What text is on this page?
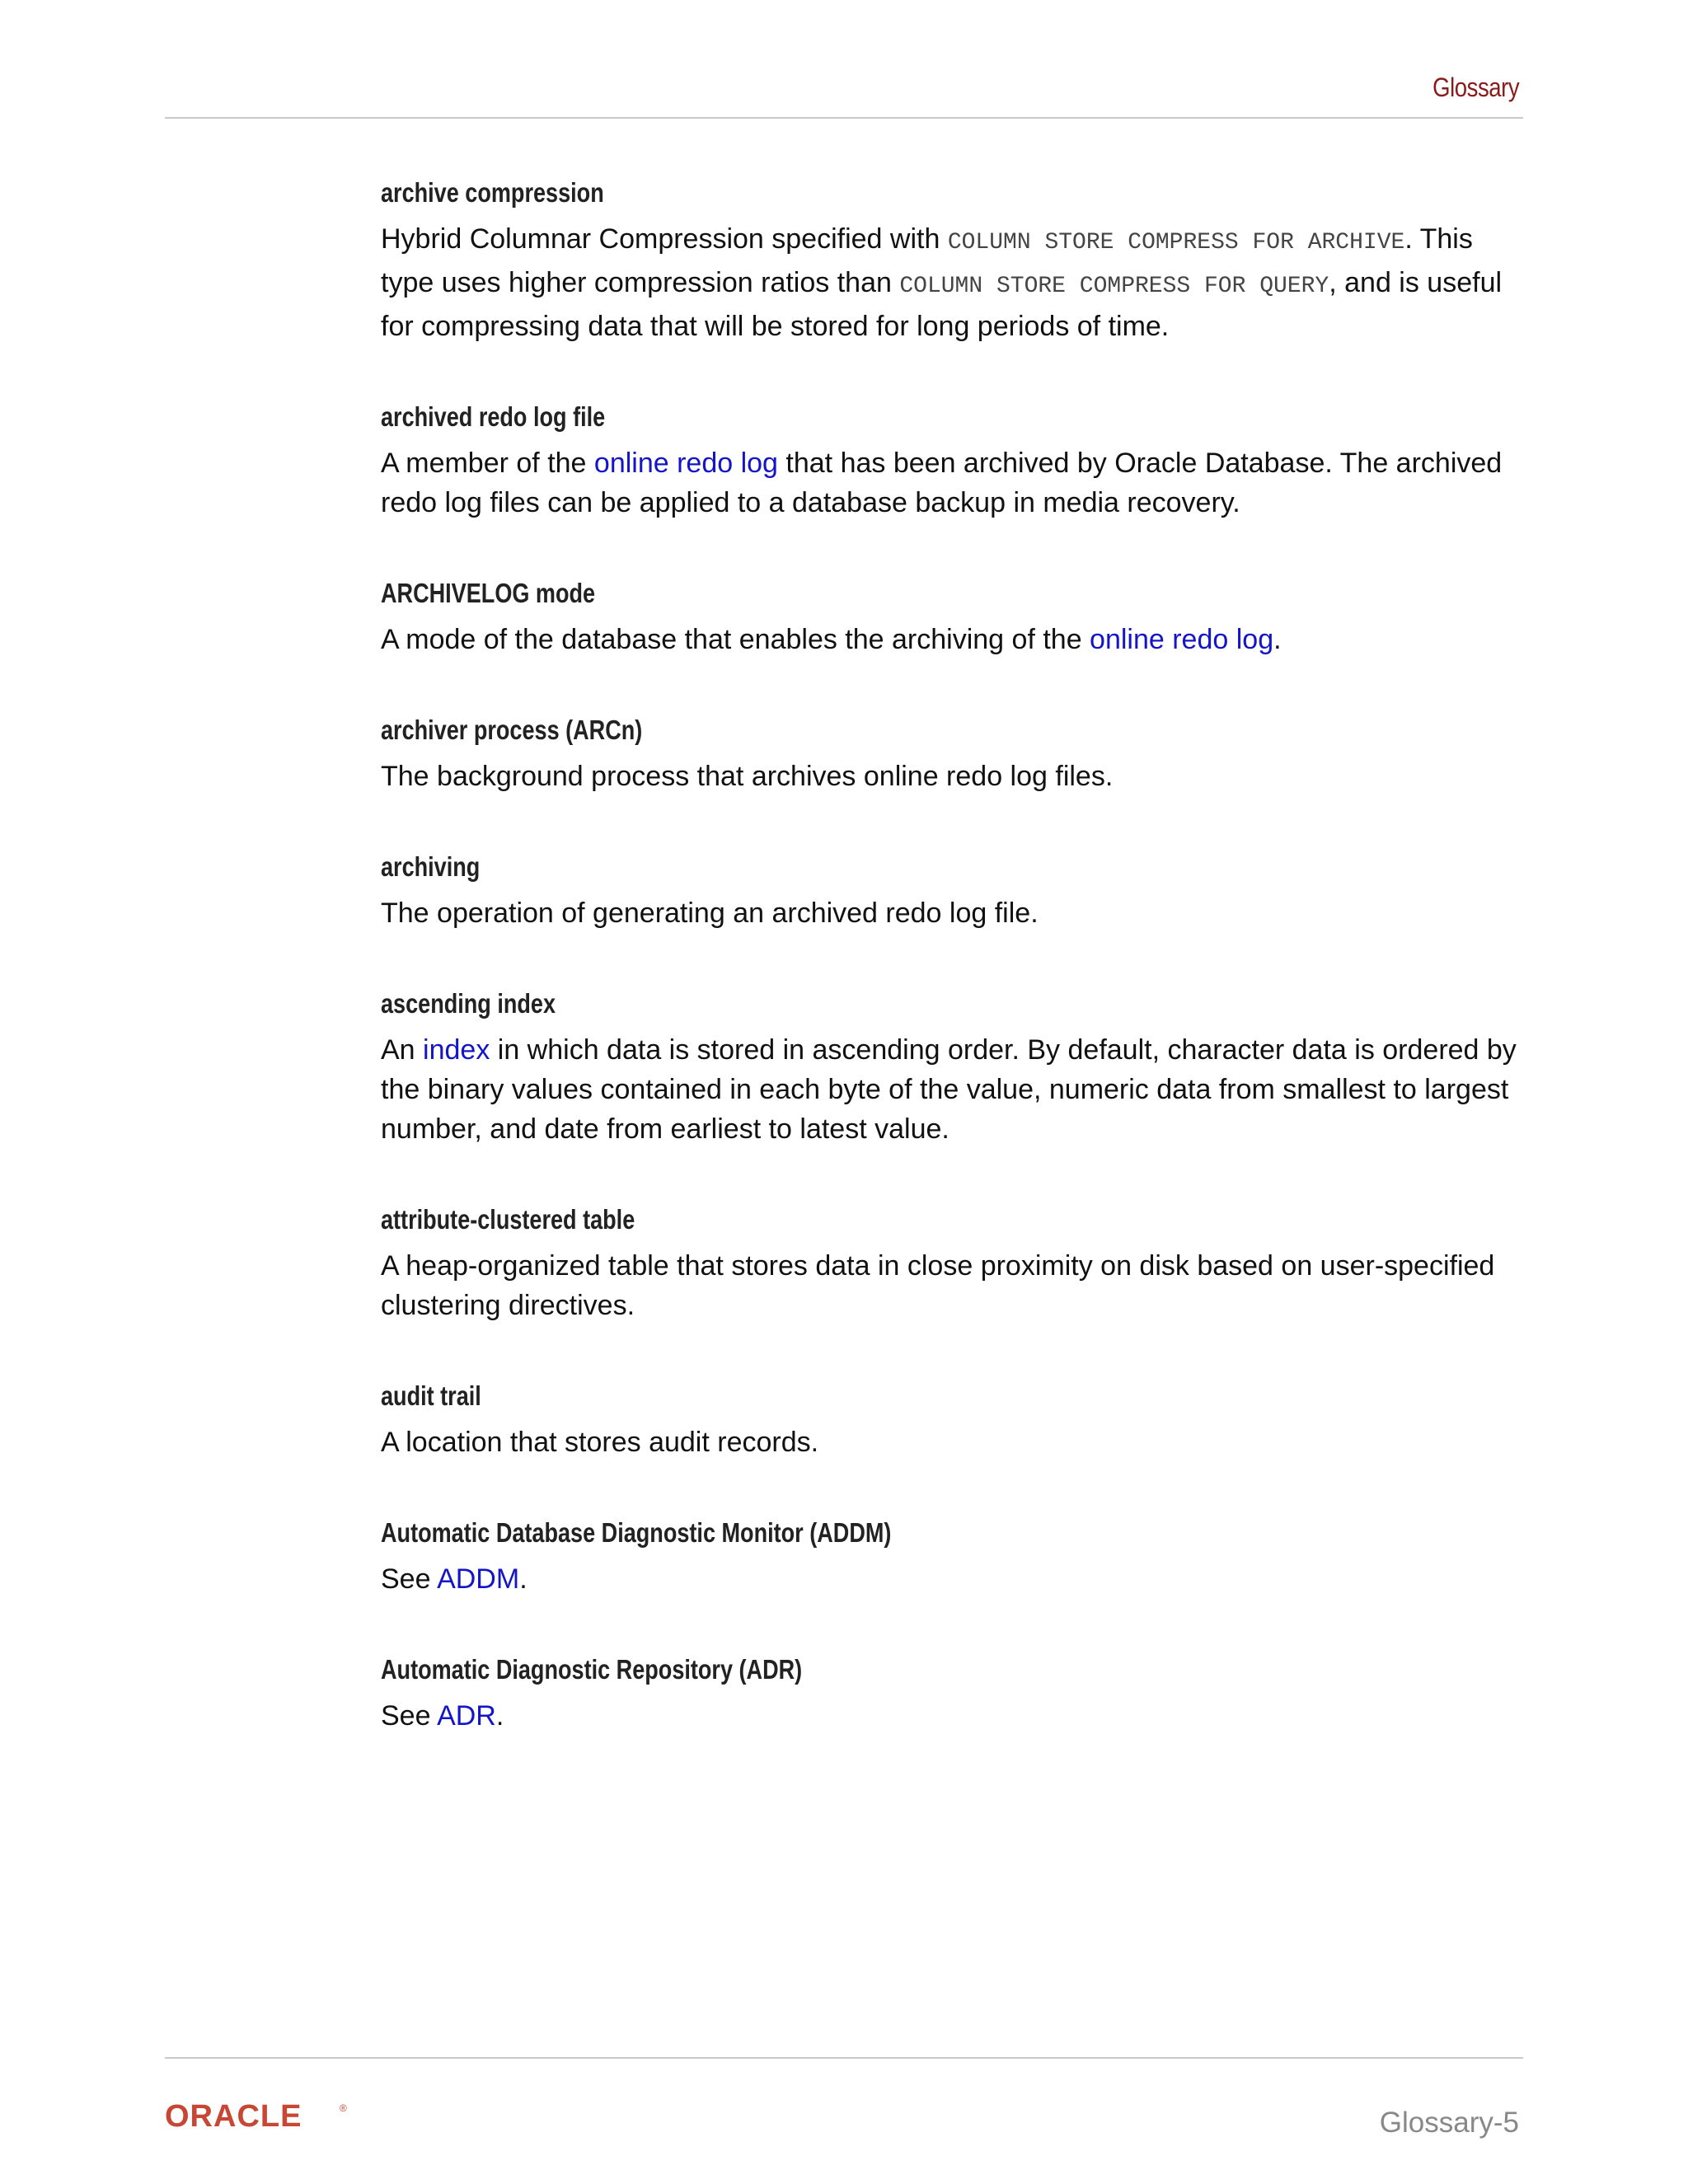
Glossary
archive compression
Hybrid Columnar Compression specified with COLUMN STORE COMPRESS FOR ARCHIVE. This type uses higher compression ratios than COLUMN STORE COMPRESS FOR QUERY, and is useful for compressing data that will be stored for long periods of time.
archived redo log file
A member of the online redo log that has been archived by Oracle Database. The archived redo log files can be applied to a database backup in media recovery.
ARCHIVELOG mode
A mode of the database that enables the archiving of the online redo log.
archiver process (ARCn)
The background process that archives online redo log files.
archiving
The operation of generating an archived redo log file.
ascending index
An index in which data is stored in ascending order. By default, character data is ordered by the binary values contained in each byte of the value, numeric data from smallest to largest number, and date from earliest to latest value.
attribute-clustered table
A heap-organized table that stores data in close proximity on disk based on user-specified clustering directives.
audit trail
A location that stores audit records.
Automatic Database Diagnostic Monitor (ADDM)
See ADDM.
Automatic Diagnostic Repository (ADR)
See ADR.
ORACLE	®	Glossary-5
